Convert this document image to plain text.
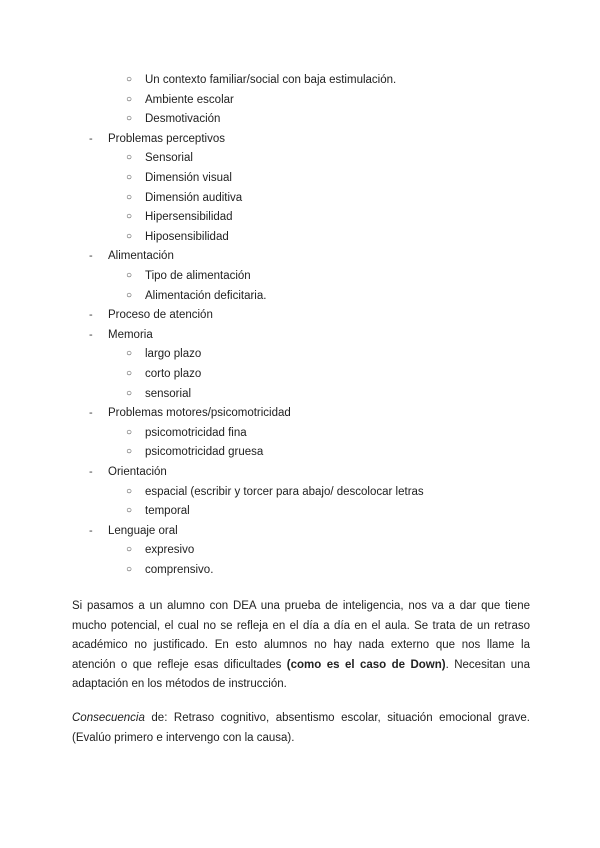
○ Un contexto familiar/social con baja estimulación.
○ Ambiente escolar
○ Desmotivación
- Problemas perceptivos
○ Sensorial
○ Dimensión visual
○ Dimensión auditiva
○ Hipersensibilidad
○ Hiposensibilidad
- Alimentación
○ Tipo de alimentación
○ Alimentación deficitaria.
- Proceso de atención
- Memoria
○ largo plazo
○ corto plazo
○ sensorial
- Problemas motores/psicomotricidad
○ psicomotricidad fina
○ psicomotricidad gruesa
- Orientación
○ espacial (escribir y torcer para abajo/ descolocar letras
○ temporal
- Lenguaje oral
○ expresivo
○ comprensivo.

Si pasamos a un alumno con DEA una prueba de inteligencia, nos va a dar que tiene mucho potencial, el cual no se refleja en el día a día en el aula. Se trata de un retraso académico no justificado. En esto alumnos no hay nada externo que nos llame la atención o que refleje esas dificultades (como es el caso de Down). Necesitan una adaptación en los métodos de instrucción.

Consecuencia de: Retraso cognitivo, absentismo escolar, situación emocional grave. (Evalúo primero e intervengo con la causa).
